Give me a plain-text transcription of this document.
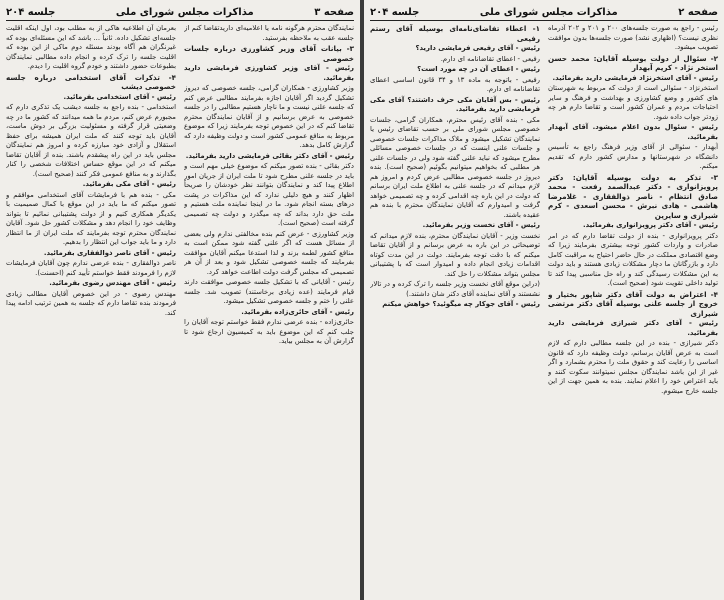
صفحه ۳
مذاکرات مجلس شورای ملی
جلسه ۲۰۴

نمایندگان محترم هرگونه نامه یا اعلامیه‌ای داریدتقاضا کنم از جلسه عقب به ملاحظه بفرستید.

۳- بیانات آقای وزیر کشاورزی درباره جلسات خصوصی

رئیس - آقای وزیر کشاورزی فرمایشی دارید بفرمائید.

وزیر کشاورزی - همکاران گرامی، جلسه خصوصی که دیروز تشکیل گردید اگر آقایان اجازه بفرمایند مطالبی عرض کنم که جلسه علنی نیست و ما ناچار هستیم مطالبی را در جلسه خصوصی به عرض برسانیم و از آقایان نمایندگان محترم تقاضا کنم که در این خصوص توجه بفرمایند زیرا که موضوع مربوط به منافع عمومی کشور است و دولت وظیفه دارد که گزارش کامل بدهد.

رئیس - آقای دکتر بقائی فرمایشی دارید بفرمائید.

دکتر بقائی - بنده تصور میکنم که موضوع خیلی مهم است و باید در جلسه علنی مطرح شود تا ملت ایران از جریان امور اطلاع پیدا کند و نمایندگان بتوانند نظر خودشان را صریحاً اظهار کنند و هیچ دلیلی ندارد که این مذاکرات در پشت درهای بسته انجام شود. ما در اینجا نماینده ملت هستیم و ملت حق دارد بداند که چه میگذرد و دولت چه تصمیمی گرفته است (صحیح است).

وزیر کشاورزی - عرض کنم بنده مخالفتی ندارم ولی بعضی از مسائل هست که اگر علنی گفته شود ممکن است به منافع کشور لطمه بزند و لذا استدعا میکنم آقایان موافقت بفرمایند که جلسه خصوصی تشکیل شود و بعد از آن هر تصمیمی که مجلس گرفت دولت اطاعت خواهد کرد.

رئیس - آقایانی که با تشکیل جلسه خصوصی موافقت دارند قیام فرمایند (عده زیادی برخاستند) تصویب شد. جلسه علنی را ختم و جلسه خصوصی تشکیل میشود.

رئیس - آقای حائری‌زاده بفرمائید.

حائری‌زاده - بنده عرضی ندارم فقط خواستم توجه آقایان را جلب کنم که این موضوع باید به کمیسیون ارجاع شود تا گزارش آن به مجلس بیاید.

بعرمان آن اطلاعیه هاکی از به مطلب بود، اول اینکه اقلیت جلسه‌ای تشکیل داده. ثانیاً ... باشد که این مسئله‌ای بوده که غیرنگران هم آگاه بودند مسئله دوم ماکی از این بوده که اقلیت جلسه را ترک کرده و انجام داده مطالبی نمایندگان بطبوعات حضور داشتند و خودم گروه اقلیت را دیدم.

۴- تذکرات آقای استخدامی درباره جلسه خصوصی دیشب

رئیس - آقای استخدامی بفرمائید.

استخدامی - بنده راجع به جلسه دیشب یک تذکری دارم که مجبورم عرض کنم، مردم ما همه میدانند که کشور ما در چه وضعیتی قرار گرفته و مسئولیت بزرگی بر دوش ماست، آقایان باید توجه کنند که ملت ایران همیشه برای حفظ استقلال و آزادی خود مبارزه کرده و امروز هم نمایندگان مجلس باید در این راه پیشقدم باشند. بنده از آقایان تقاضا میکنم که در این موقع حساس اختلافات شخصی را کنار بگذارند و به منافع عمومی فکر کنند (صحیح است).

رئیس - آقای مکی بفرمائید.

مکی - بنده هم با فرمایشات آقای استخدامی موافقم و تصور میکنم که ما باید در این موقع با کمال صمیمیت با یکدیگر همکاری کنیم و از دولت پشتیبانی نمائیم تا بتواند وظایف خود را انجام دهد و مشکلات کشور حل شود. آقایان نمایندگان محترم توجه بفرمایند که ملت ایران از ما انتظار دارد و ما باید جواب این انتظار را بدهیم.

رئیس - آقای ناصر ذوالفقاری بفرمائید.

ناصر ذوالفقاری - بنده عرضی ندارم چون آقایان فرمایشات لازم را فرمودند فقط خواستم تأیید کنم (احسنت).

رئیس - آقای مهندس رضوی بفرمائید.

مهندس رضوی - در این خصوص آقایان مطالب زیادی فرمودند بنده تقاضا دارم که جلسه به همین ترتیب ادامه پیدا کند.

صفحه ۲
مذاکرات مجلس شورای ملی
جلسه ۲۰۴

رئیس - راجع به صورت جلسه‌های ۲۰۰ و ۲۰۱ و ۲۰۲ آذرماه نظری نیست؟ (اظهاری نشد) صورت جلسه‌ها بدون موافقت تصویب میشود.

۲- سئوال از دولت بوسیله آقایان: محمد حسن استخر نژاد - کریم آبهدار

رئیس - آقای استخرنژاد فرمایشی دارید بفرمائید.

استخرنژاد - سئوالی است از دولت که مربوط به شهرستان های کشور و وضع کشاورزی و بهداشت و فرهنگ و سایر احتیاجات مردم و عمران کشور است و تقاضا دارم هر چه زودتر جواب داده شود.

رئیس - سئوال بدون اعلام میشود. آقای آبهدار بفرمائید.

آبهدار - سئوالی از آقای وزیر فرهنگ راجع به تأسیس دانشگاه در شهرستانها و مدارس کشور دارم که تقدیم میکنم.

۳- تذکر به دولت بوسیله آقایان: دکتر پرویزانواری - دکتر عبدالصمد رفعت - محمد صادق انتظام - ناصر ذوالفقاری - غلامرضا هاشمی - هادی نبرش - محسن اسعدی - کرم شیرازی و سایرین

رئیس - آقای دکتر پرویزانواری بفرمائید.

دکتر پرویزانواری - بنده از دولت تقاضا دارم که در امر صادرات و واردات کشور توجه بیشتری بفرمایند زیرا که وضع اقتصادی مملکت در حال حاضر احتیاج به مراقبت کامل دارد و بازرگانان ما دچار مشکلات زیادی هستند و باید دولت به این مشکلات رسیدگی کند و راه حل مناسبی پیدا کند تا تولید داخلی تقویت شود (صحیح است).

۴- اعتراض به دولت آقای دکتر شاپور بختیار و خروج از جلسه علنی بوسیله آقای دکتر مرتضی شیرازی

رئیس - آقای دکتر شیرازی فرمایشی دارید بفرمائید.

دکتر شیرازی - بنده در این جلسه مطالبی دارم که لازم است به عرض آقایان برسانم، دولت وظیفه دارد که قانون اساسی را رعایت کند و حقوق ملت را محترم بشمارد و اگر غیر از این باشد نمایندگان مجلس نمیتوانند سکوت کنند و باید اعتراض خود را اعلام نمایند. بنده به همین جهت از این جلسه خارج میشوم.

۱- اعطاء تفاضای‌نامه‌ای بوسیله آقای رستم رفیعی

رئیس - آقای رفیعی فرمایشی دارید؟

رفیعی - اعطای تقاضانامه ای دارم.

رئیس - اعطای آن در چه مورد است؟

رفیعی - باتوجه به ماده ۱۳ و ۳۴ قانون اساسی اعطای تقاضانامه ای دارم.

رئیس - بس آقایان مکی حرف داشتند؟ آقای مکی فرمایشی دارید بفرمائید.

مکی - بنده آقای رئیس محترم، همکاران گرامی، جلسات خصوصی مجلس شورای ملی بر حسب تقاضای رئیس یا نمایندگان تشکیل میشود و ملاک مذاکرات جلسات خصوصی و جلسات علنی اینست که در جلسات خصوصی مسائلی مطرح میشود که نباید علنی گفته شود ولی در جلسات علنی هر مطلبی که بخواهیم میتوانیم بگوئیم (صحیح است). بنده دیروز در جلسه خصوصی مطالبی عرض کردم و امروز هم لازم میدانم که در جلسه علنی به اطلاع ملت ایران برسانم که دولت در این باره چه اقدامی کرده و چه تصمیمی خواهد گرفت و امیدوارم که آقایان نمایندگان محترم با بنده هم عقیده باشند.

رئیس - آقای نخست وزیر بفرمائید.

نخست وزیر - آقایان نمایندگان محترم، بنده لازم میدانم که توضیحاتی در این باره به عرض برسانم و از آقایان تقاضا میکنم که با دقت توجه بفرمایند. دولت در این مدت کوتاه اقدامات زیادی انجام داده و امیدوار است که با پشتیبانی مجلس بتواند مشکلات را حل کند.

(دراین موقع آقای نخست وزیر جلسه را ترک کرده و در تالار نشستند و آقای نماینده آقای دکتر شان داشتند.)

رئیس - آقای جوکار چه میگوئید؟ خواهش میکنم
